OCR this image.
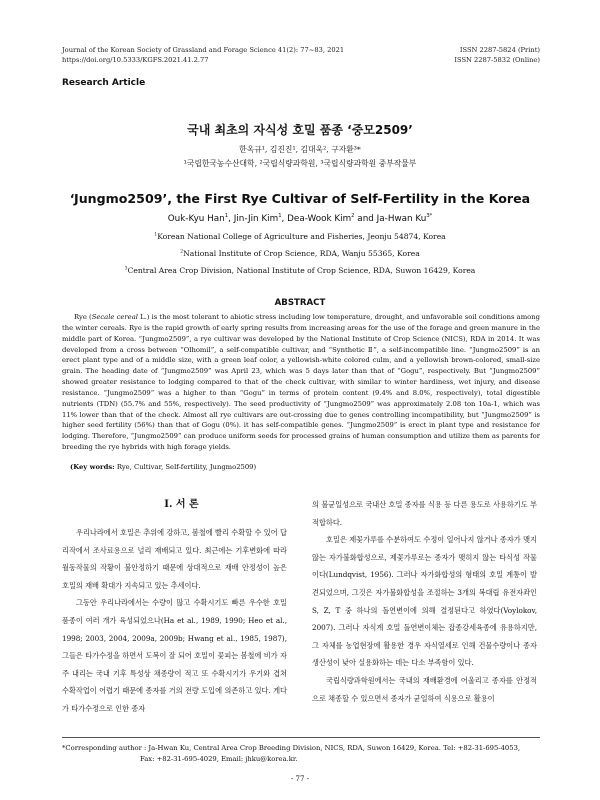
Journal of the Korean Society of Grassland and Forage Science 41(2): 77~83, 2021
https://doi.org/10.5333/KGFS.2021.41.2.77
ISSN 2287-5824 (Print)
ISSN 2287-5832 (Online)
Research Article
국내 최초의 자식성 호밀 품종 ‘중모2509’
한옥규¹, 김진진¹, 김대욱², 구자환³*
¹국립한국농수산대학, ²국립식량과학원, ³국립식량과학원 중부작물부
‘Jungmo2509’, the First Rye Cultivar of Self-Fertility in the Korea
Ouk-Kyu Han$^1$, Jin-Jin Kim$^1$, Dea-Wook Kim$^2$ and Ja-Hwan $Ku^{3*}$
$^1$Korean National College of Agriculture and Fisheries, Jeonju 54874, Korea
$^2$National Institute of Crop Science, RDA, Wanju 55365, Korea
$^3$Central Area Crop Division, National Institute of Crop Science, RDA, Suwon 16429, Korea
ABSTRACT

Rye (Secale cereal L.) is the most tolerant to abiotic stress including low temperature, drought, and unfavorable soil conditions among the winter cereals. Rye is the rapid growth of early spring results from increasing areas for the use of the forage and green manure in the middle part of Korea. “Jungmo2509”, a rye cultivar was developed by the National Institute of Crop Science (NICS), RDA in 2014. It was developed from a cross between “Olhomil”, a self-compatible cultivar, and “Synthetic Ⅱ”, a self-incompatible line. “Jungmo2509” is an erect plant type and of a middle size, with a green leaf color, a yellowish-white colored culm, and a yellowish brown-colored, small-size grain. The heading date of “Jungmo2509” was April 23, which was 5 days later than that of “Gogu”, respectively. But “Jungmo2509” showed greater resistance to lodging compared to that of the check cultivar, with similar to winter hardiness, wet injury, and disease resistance. “Jungmo2509” was a higher to than “Gogu” in terms of protein content (9.4% and 8.0%, respectively), total digestible nutrients (TDN) (55.7% and 55%, respectively). The seed productivity of “Jungmo2509” was approximately 2.08 ton 10a-1, which was 11% lower than that of the check. Almost all rye cultivars are out-crossing due to genes controlling incompatibility, but “Jungmo2509” is higher seed fertility (56%) than that of Gogu (0%). it has self-compatible genes. “Jungmo2509” is erect in plant type and resistance for lodging. Therefore, “Jungmo2509” can produce uniform seeds for processed grains of human consumption and utilize them as parents for breeding the rye hybrids with high forage yields.

(Key words: Rye, Cultivar, Self-fertility, Jungmo2509)

Ⅰ. 서 론

우리나라에서 호밀은 추위에 강하고, 봄철에 빨리 수확할 수 있어 답리작에서 조사료용으로 널리 재배되고 있다. 최근에는 기후변화에 따라 월동작물의 작황이 불안정하기 때문에 상대적으로 재배 안정성이 높은 호밀의 재배 확대가 지속되고 있는 추세이다.

그동안 우리나라에서는 수량이 많고 수확시기도 빠른 우수한 호밀 품종이 여러 개가 육성되었으나(Ha et al., 1989, 1990; Heo et al., 1998; 2003, 2004, 2009a, 2009b; Hwang et al., 1985, 1987), 그들은 타가수정을 하면서 도복이 잘 되어 호밀이 꽃피는 봄철에 비가 자주 내리는 국내 기후 특성상 채종량이 적고 또 수확시기가 우기와 겹쳐 수확작업이 어렵기 때문에 종자를 거의 전량 도입에 의존하고 있다. 게다가 타가수정으로 인한 종자

의 불균일성으로 국내산 호밀 종자를 식용 등 다른 용도로 사용하기도 부적합하다.

호밀은 제꽃가루를 수분하여도 수정이 일어나지 않거나 종자가 맺지 않는 자가불화합성으로, 제꽃가루로는 종자가 맺히지 않는 타식성 작물이다(Lundqvist, 1956). 그러나 자가화합성의 형태의 호밀 계통이 발견되었으며, 그것은 자가불화합성을 조절하는 3개의 복대립 유전자좌인 S, Z, T 중 하나의 돌연변이에 의해 결정된다고 하였다(Voylokov, 2007). 그러나 자식계 호밀 돌연변이체는 잡종강세육종에 유용하지만, 그 자체를 농업현장에 활용한 경우 자식열세로 인해 건물수량이나 종자 생산성이 낮아 실용화하는 데는 다소 부족함이 있다.

국립식량과학원에서는 국내의 재배환경에 어울리고 종자를 안정적으로 채종할 수 있으면서 종자가 균일하여 식용으로 활용이

*Corresponding author : Ja-Hwan Ku, Central Area Crop Breeding Division, NICS, RDA, Suwon 16429, Korea. Tel: +82-31-695-4053,
Fax: +82-31-695-4029, Email: jhku@korea.kr.
- 77 -
